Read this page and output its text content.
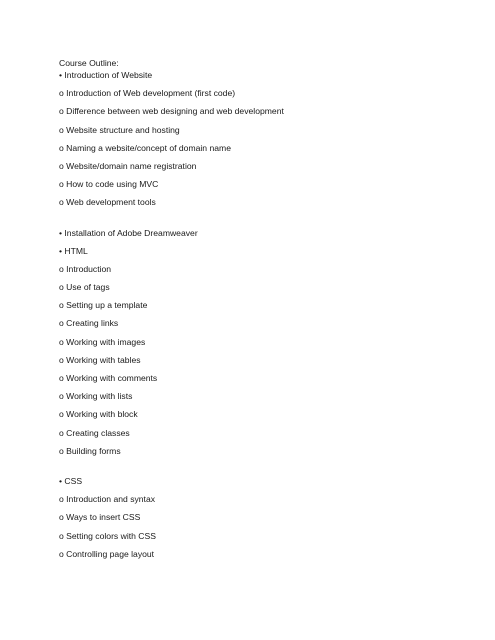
Course Outline:
• Introduction of Website
o Introduction of Web development (first code)
o Difference between web designing and web development
o Website structure and hosting
o Naming a website/concept of domain name
o Website/domain name registration
o How to code using MVC
o Web development tools
• Installation of Adobe Dreamweaver
• HTML
o Introduction
o Use of tags
o Setting up a template
o Creating links
o Working with images
o Working with tables
o Working with comments
o Working with lists
o Working with block
o Creating classes
o Building forms
• CSS
o Introduction and syntax
o Ways to insert CSS
o Setting colors with CSS
o Controlling page layout
